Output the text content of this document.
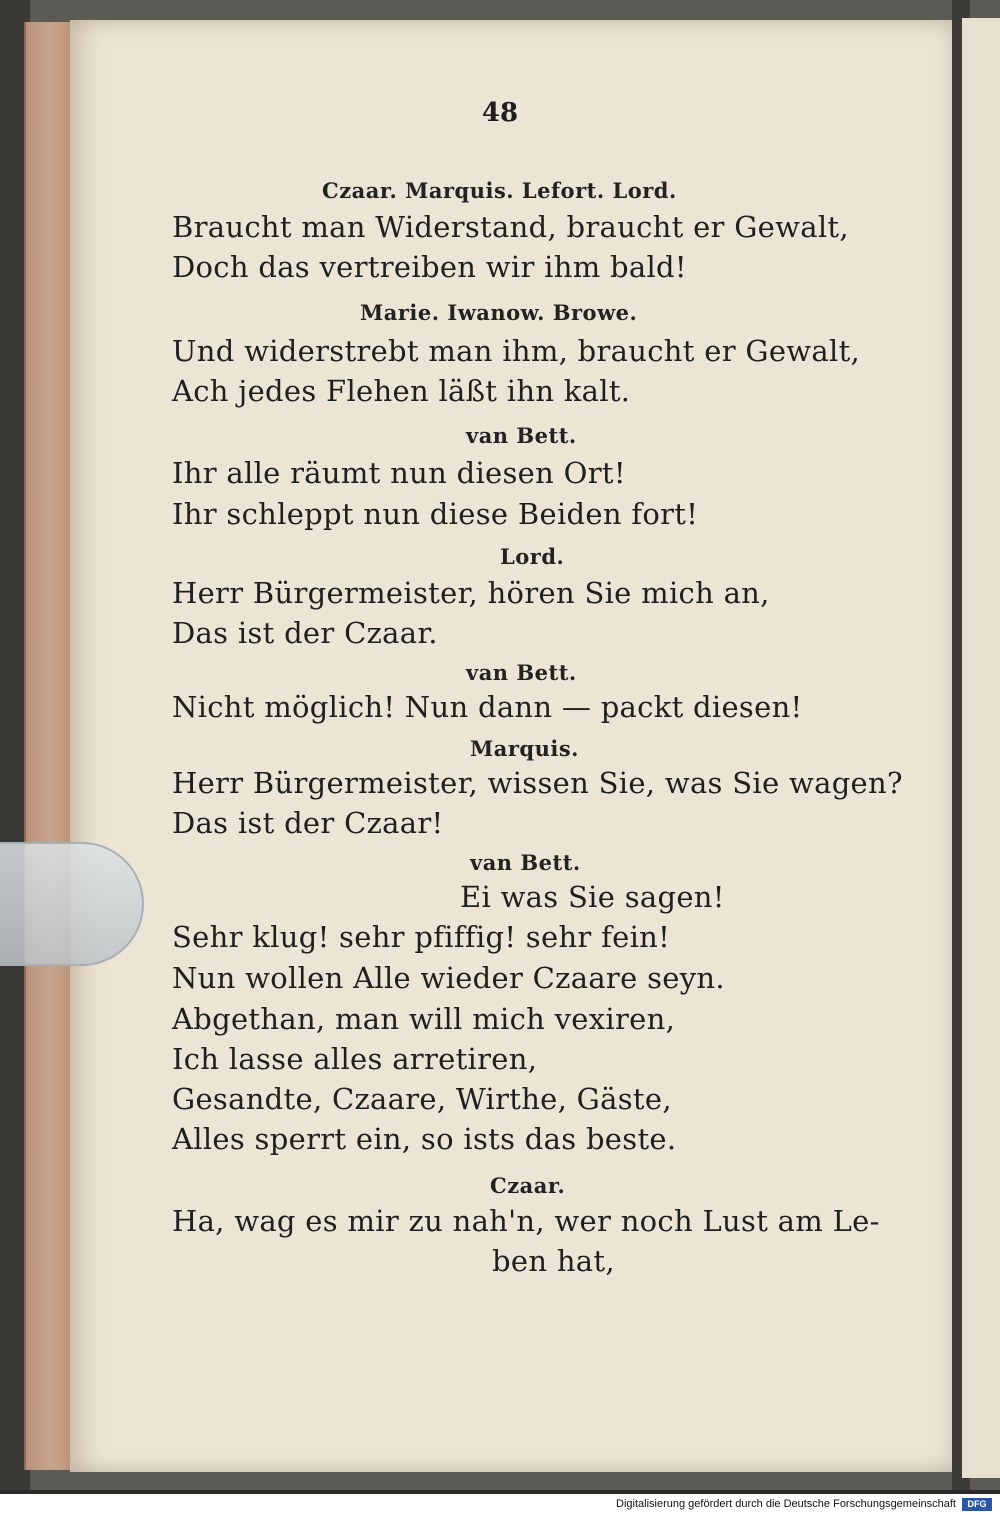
48
Czaar. Marquis. Lefort. Lord.
Braucht man Widerstand, braucht er Gewalt,
Doch das vertreiben wir ihm bald!
Marie. Iwanow. Browe.
Und widerstrebt man ihm, braucht er Gewalt,
Ach jedes Flehen läßt ihn kalt.
van Bett.
Ihr alle räumt nun diesen Ort!
Ihr schleppt nun diese Beiden fort!
Lord.
Herr Bürgermeister, hören Sie mich an,
Das ist der Czaar.
van Bett.
Nicht möglich! Nun dann — packt diesen!
Marquis.
Herr Bürgermeister, wissen Sie, was Sie wagen?
Das ist der Czaar!
van Bett.
Ei was Sie sagen!
Sehr klug! sehr pfiffig! sehr fein!
Nun wollen Alle wieder Czaare seyn.
Abgethan, man will mich vexiren,
Ich lasse alles arretiren,
Gesandte, Czaare, Wirthe, Gäste,
Alles sperrt ein, so ists das beste.
Czaar.
Ha, wag es mir zu nah'n, wer noch Lust am Le-
ben hat,
Digitalisierung gefördert durch die Deutsche Forschungsgemeinschaft	DFG
